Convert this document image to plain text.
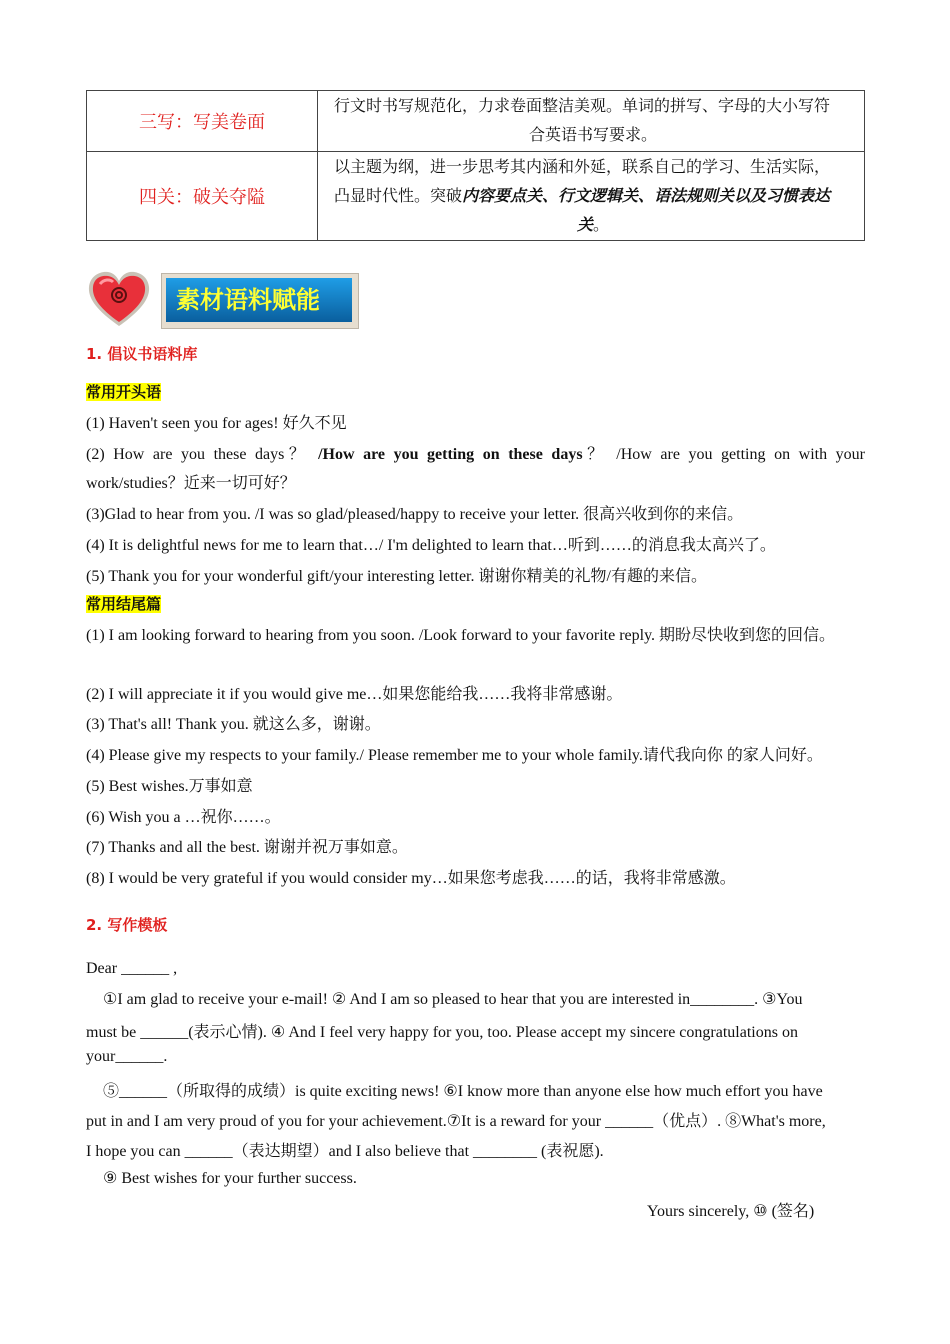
三写：写美卷面	行文时书写规范化，力求卷面整洁美观。单词的拼写、字母的大小写符
合英语书写要求。

四关：破关夺隘	以主题为纲，进一步思考其内涵和外延，联系自己的学习、生活实际，
凸显时代性。突破内容要点关、行文逻辑关、语法规则关以及习惯表达
关。
素材语料赋能
1. 倡议书语料库
常用开头语
(1) Haven't seen you for ages! 好久不见
(2) How are you these days？ /How are you getting on these days？ /How are you getting on with your
work/studies？近来一切可好？
(3)Glad to hear from you. /I was so glad/pleased/happy to receive your letter. 很高兴收到你的来信。
(4) It is delightful news for me to learn that…/ I'm delighted to learn that…听到……的消息我太高兴了。
(5) Thank you for your wonderful gift/your interesting letter. 谢谢你精美的礼物/有趣的来信。
常用结尾篇
(1) I am looking forward to hearing from you soon. /Look forward to your favorite reply. 期盼尽快收到您的回信。
(2) I will appreciate it if you would give me…如果您能给我……我将非常感谢。
(3) That's all! Thank you. 就这么多，谢谢。
(4) Please give my respects to your family./ Please remember me to your whole family.请代我向你 的家人问好。
(5) Best wishes.万事如意
(6) Wish you a …祝你……。
(7) Thanks and all the best. 谢谢并祝万事如意。
(8) I would be very grateful if you would consider my…如果您考虑我……的话，我将非常感激。
2. 写作模板
Dear ______ ,
①I am glad to receive your e-mail! ② And I am so pleased to hear that you are interested in________. ③You
must be ______(表示心情). ④ And I feel very happy for you, too. Please accept my sincere congratulations on
your______.
⑤______（所取得的成绩）is quite exciting news! ⑥I know more than anyone else how much effort you have
put in and I am very proud of you for your achievement.⑦It is a reward for your ______（优点）. ⑧What's more,
I hope you can ______（表达期望）and I also believe that ________ (表祝愿).
⑨ Best wishes for your further success.
Yours sincerely, ⑩ (签名)
